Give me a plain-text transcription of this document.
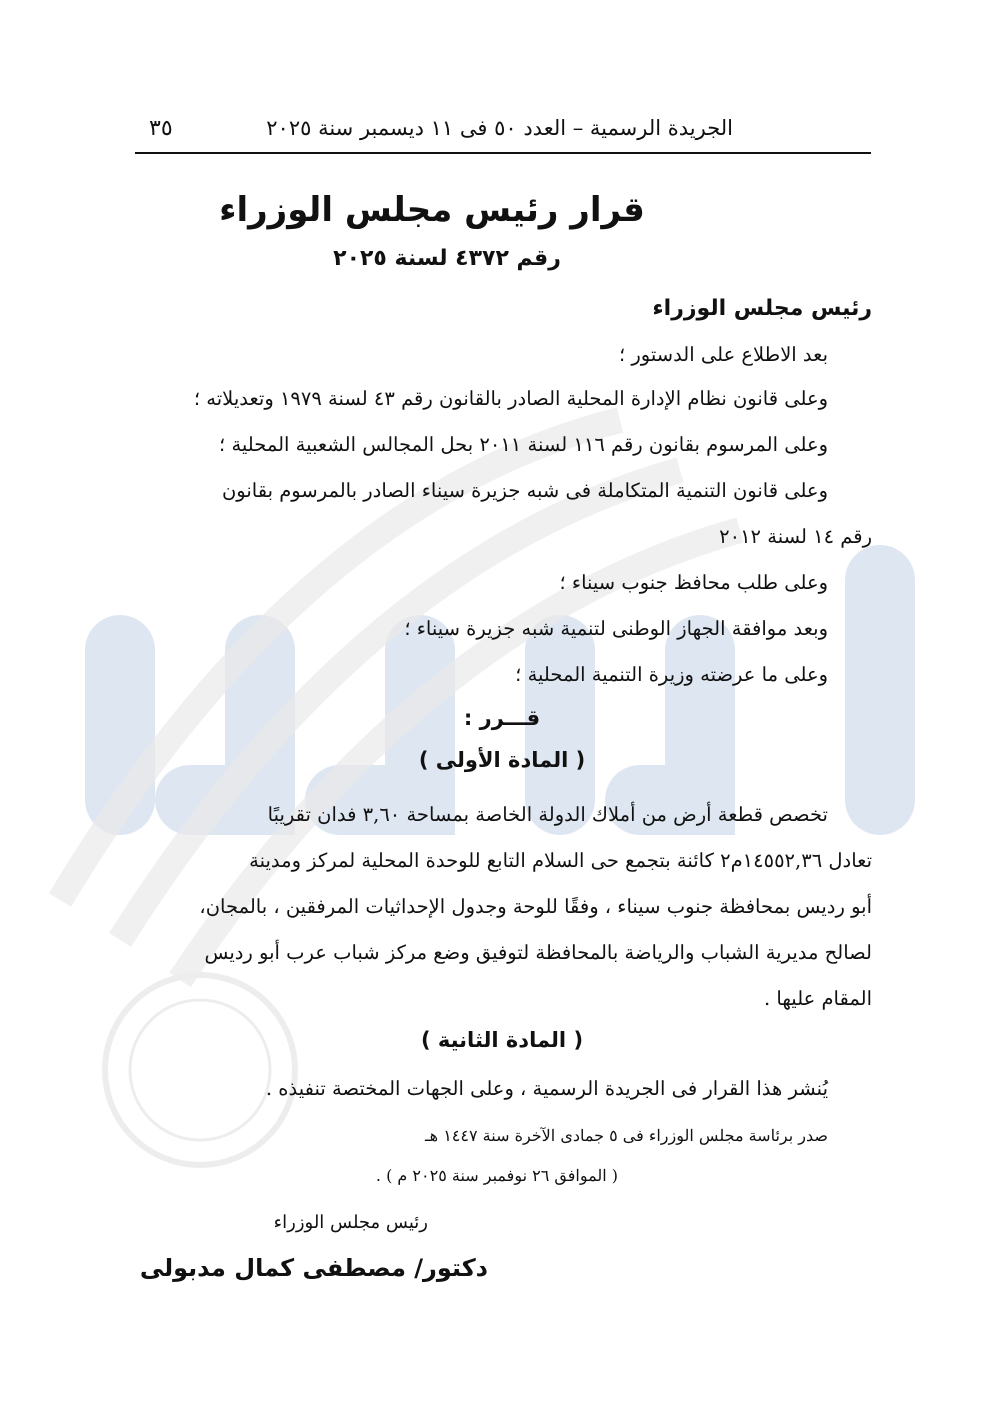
الجريدة الرسمية – العدد ٥٠ فى ١١ ديسمبر سنة ٢٠٢٥
٣٥
قرار رئيس مجلس الوزراء
رقم ٤٣٧٢ لسنة ٢٠٢٥
رئيس مجلس الوزراء
بعد الاطلاع على الدستور ؛
وعلى قانون نظام الإدارة المحلية الصادر بالقانون رقم ٤٣ لسنة ١٩٧٩ وتعديلاته ؛
وعلى المرسوم بقانون رقم ١١٦ لسنة ٢٠١١ بحل المجالس الشعبية المحلية ؛
وعلى قانون التنمية المتكاملة فى شبه جزيرة سيناء الصادر بالمرسوم بقانون
رقم ١٤ لسنة ٢٠١٢
وعلى طلب محافظ جنوب سيناء ؛
وبعد موافقة الجهاز الوطنى لتنمية شبه جزيرة سيناء ؛
وعلى ما عرضته وزيرة التنمية المحلية ؛
قـــرر :
( المادة الأولى )
تخصص قطعة أرض من أملاك الدولة الخاصة بمساحة ٣,٦٠ فدان تقريبًا
تعادل ١٤٥٥٢,٣٦م٢ كائنة بتجمع حى السلام التابع للوحدة المحلية لمركز ومدينة
أبو رديس بمحافظة جنوب سيناء ، وفقًا للوحة وجدول الإحداثيات المرفقين ، بالمجان،
لصالح مديرية الشباب والرياضة بالمحافظة لتوفيق وضع مركز شباب عرب أبو رديس
المقام عليها .
( المادة الثانية )
يُنشر هذا القرار فى الجريدة الرسمية ، وعلى الجهات المختصة تنفيذه .
صدر برئاسة مجلس الوزراء فى ٥ جمادى الآخرة سنة ١٤٤٧ هـ
( الموافق ٢٦ نوفمبر سنة ٢٠٢٥ م ) .
رئيس مجلس الوزراء
دكتور/ مصطفى كمال مدبولى
